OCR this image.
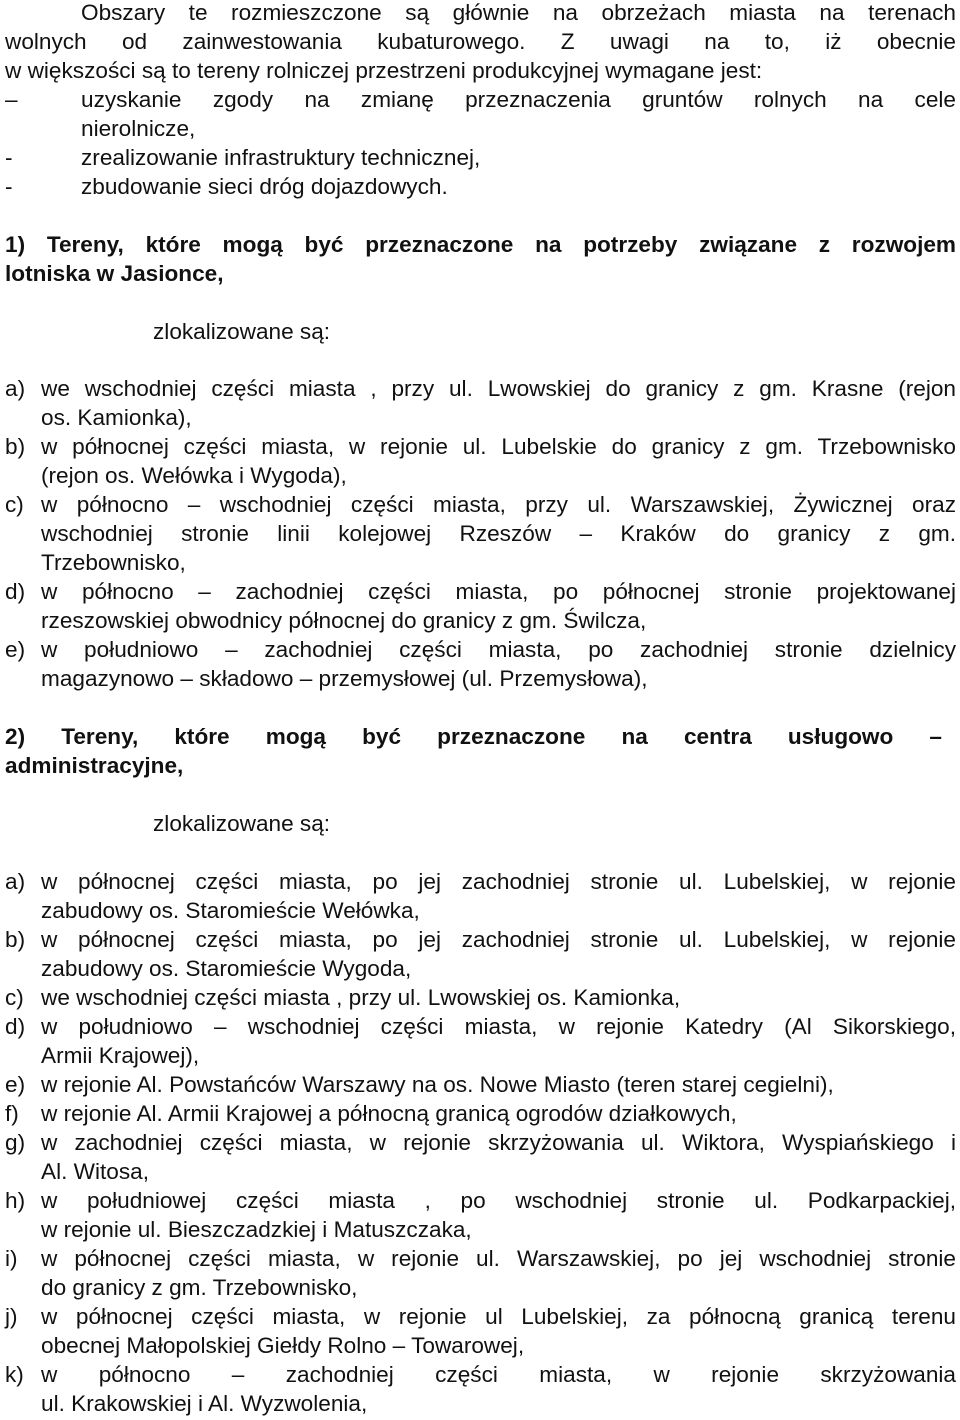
Obszary te rozmieszczone są głównie na obrzeżach miasta na terenach
wolnych od zainwestowania kubaturowego. Z uwagi na to, iż obecnie
w większości są to tereny rolniczej przestrzeni produkcyjnej wymagane jest:
–	uzyskanie zgody na zmianę przeznaczenia gruntów rolnych na cele
nierolnicze,
-	zrealizowanie infrastruktury technicznej,
-	zbudowanie sieci dróg dojazdowych.
1) Tereny, które mogą być przeznaczone na potrzeby związane z rozwojem
lotniska w Jasionce,
zlokalizowane są:
a) we wschodniej części miasta , przy ul. Lwowskiej do granicy z gm. Krasne (rejon
os. Kamionka),
b) w północnej części miasta, w rejonie ul. Lubelskie do granicy z gm. Trzebownisko
(rejon os. Wełówka i Wygoda),
c) w północno – wschodniej części miasta, przy ul. Warszawskiej, Żywicznej oraz
wschodniej stronie linii kolejowej Rzeszów – Kraków do granicy z gm.
Trzebownisko,
d) w północno – zachodniej części miasta, po północnej stronie projektowanej
rzeszowskiej obwodnicy północnej do granicy z gm. Świlcza,
e) w południowo – zachodniej części miasta, po zachodniej stronie dzielnicy
magazynowo – składowo – przemysłowej (ul. Przemysłowa),
2) Tereny, które mogą być przeznaczone na centra usługowo –
administracyjne,
zlokalizowane są:
a) w północnej części miasta, po jej zachodniej stronie ul. Lubelskiej, w rejonie
zabudowy os. Staromieście Wełówka,
b) w północnej części miasta, po jej zachodniej stronie ul. Lubelskiej, w rejonie
zabudowy os. Staromieście Wygoda,
c) we wschodniej części miasta , przy ul. Lwowskiej os. Kamionka,
d) w południowo – wschodniej części miasta, w rejonie Katedry (Al Sikorskiego,
Armii Krajowej),
e) w rejonie Al. Powstańców Warszawy na os. Nowe Miasto (teren starej cegielni),
f) w rejonie Al. Armii Krajowej a północną granicą ogrodów działkowych,
g) w zachodniej części miasta, w rejonie skrzyżowania ul. Wiktora, Wyspiańskiego i
Al. Witosa,
h) w południowej części miasta , po wschodniej stronie ul. Podkarpackiej,
w rejonie ul. Bieszczadzkiej i Matuszczaka,
i) w północnej części miasta, w rejonie ul. Warszawskiej, po jej wschodniej stronie
do granicy z gm. Trzebownisko,
j) w północnej części miasta, w rejonie ul Lubelskiej, za północną granicą terenu
obecnej Małopolskiej Giełdy Rolno – Towarowej,
k) w północno – zachodniej części miasta, w rejonie skrzyżowania
ul. Krakowskiej i Al. Wyzwolenia,
